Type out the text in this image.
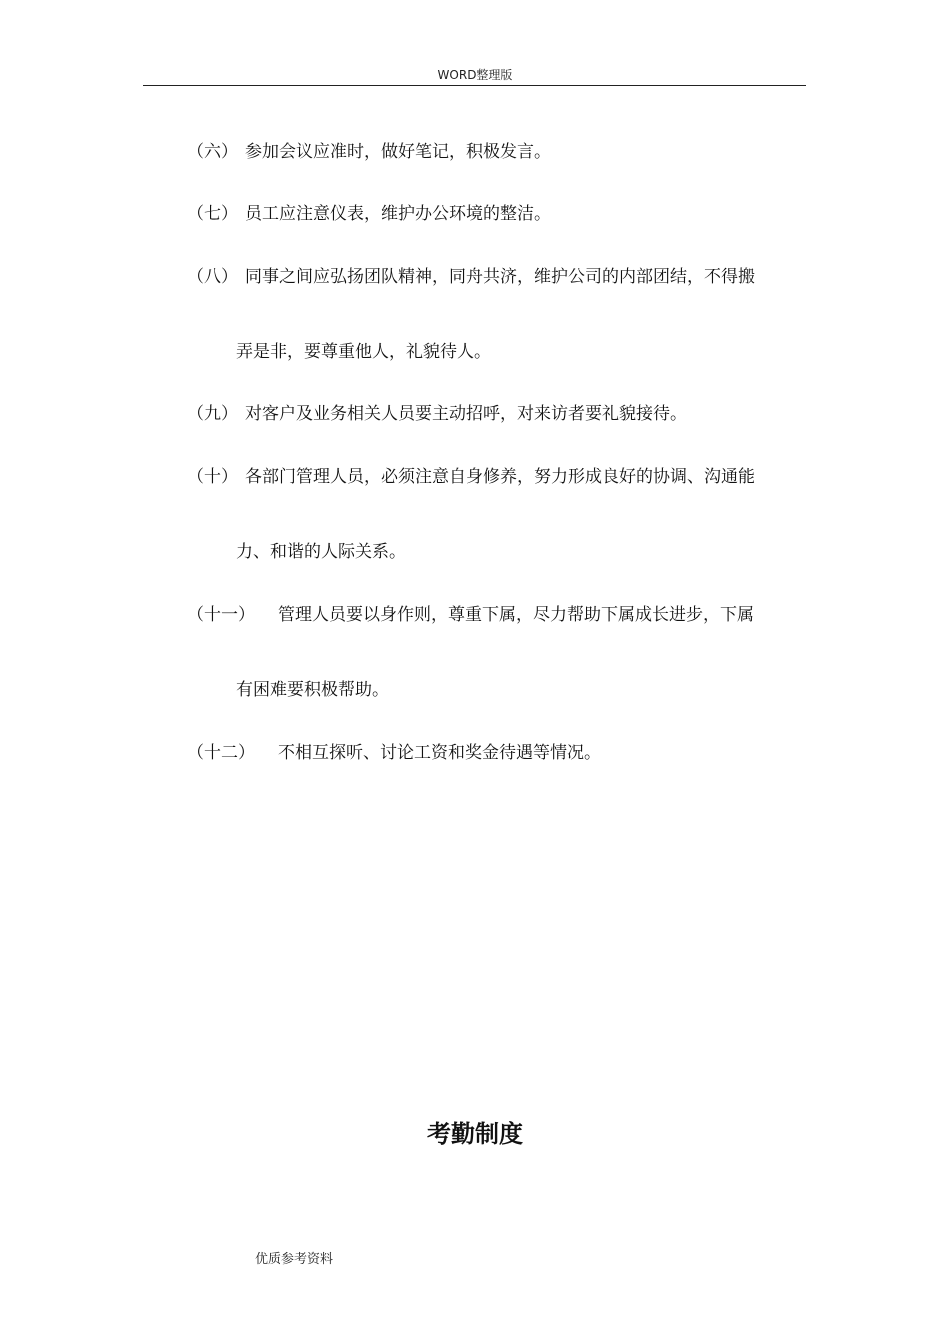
WORD整理版
（六） 参加会议应准时，做好笔记，积极发言。
（七） 员工应注意仪表，维护办公环境的整洁。
（八） 同事之间应弘扬团队精神，同舟共济，维护公司的内部团结，不得搬
弄是非，要尊重他人，礼貌待人。
（九） 对客户及业务相关人员要主动招呼，对来访者要礼貌接待。
（十） 各部门管理人员，必须注意自身修养，努力形成良好的协调、沟通能
力、和谐的人际关系。
（十一） 管理人员要以身作则，尊重下属，尽力帮助下属成长进步，下属
有困难要积极帮助。
（十二） 不相互探听、讨论工资和奖金待遇等情况。
考勤制度
优质参考资料
